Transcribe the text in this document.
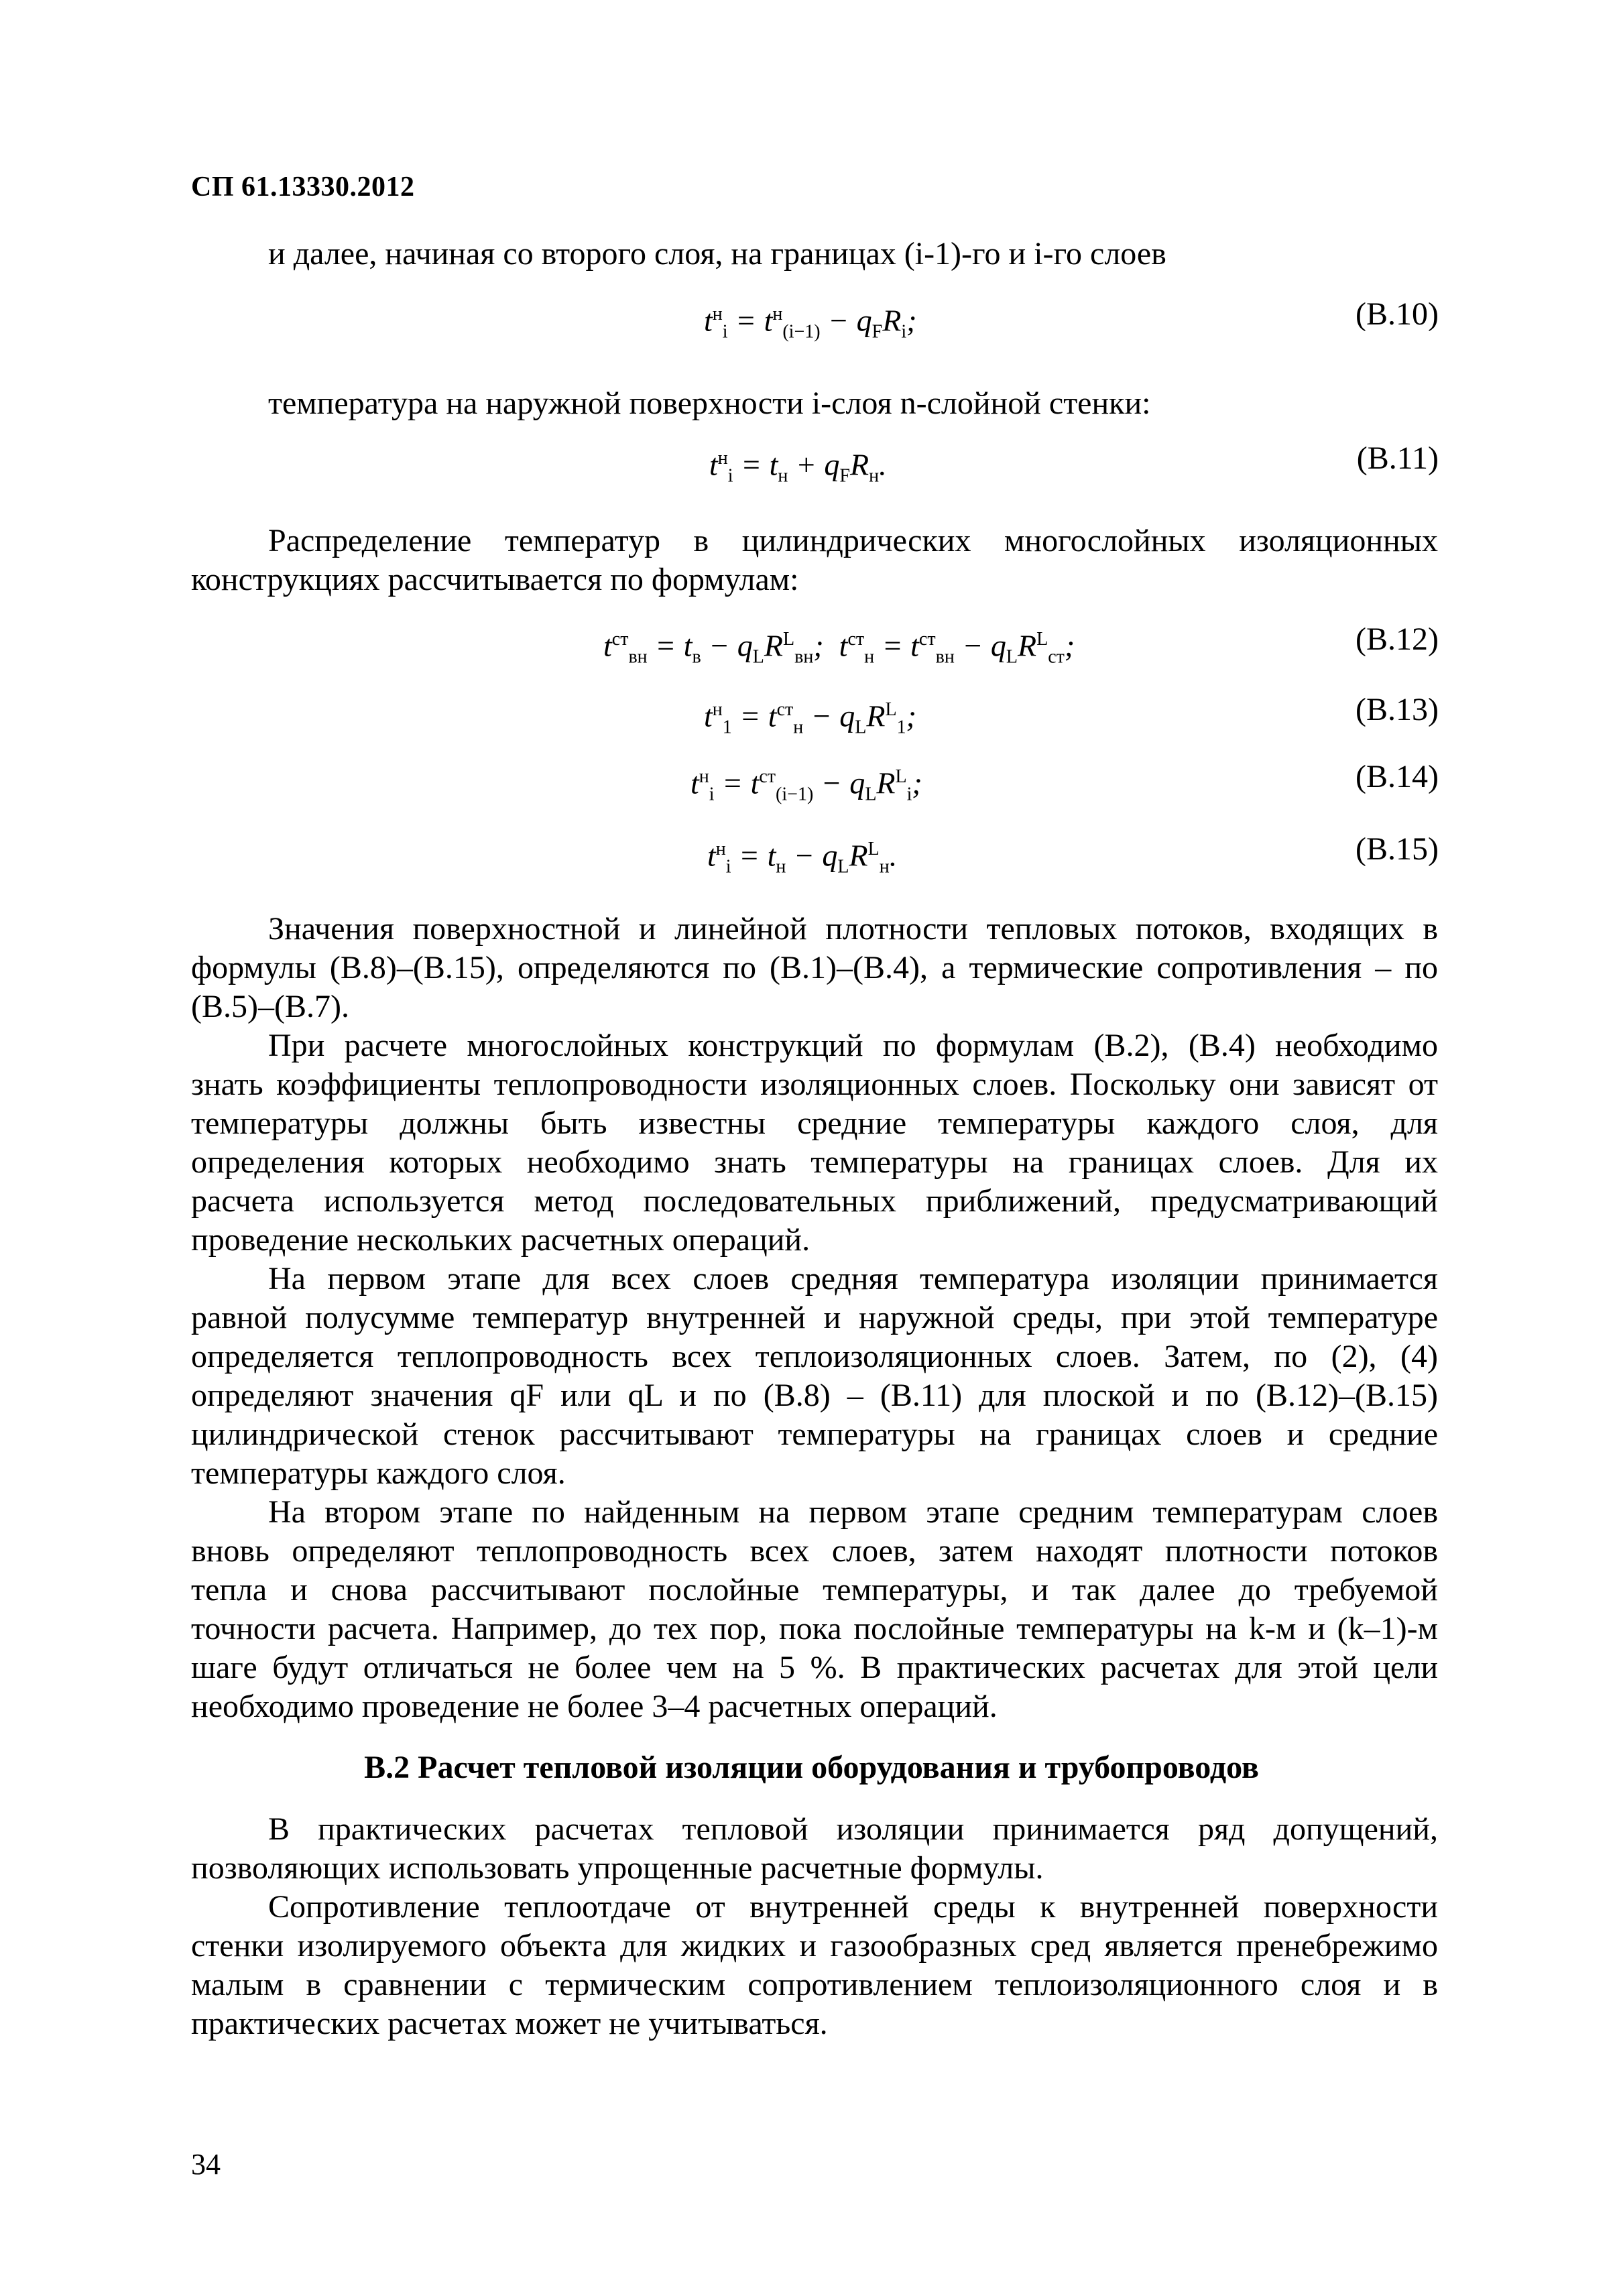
СП 61.13330.2012
и далее, начиная со второго слоя, на границах (i-1)-го и i-го слоев
$t^н_i = t^н_{(i-1)} - q_FR_i$;	(В.10)
температура на наружной поверхности i-слоя n-слойной стенки:
$t^н_i = t_н + q_FR_н$.	(В.11)
Распределение температур в цилиндрических многослойных изоляционных
конструкциях рассчитывается по формулам:
$t^{ст}_{вн} = t_в - q_LR^L_{вн}$;  $t^{ст}_н = t^{ст}_{вн} - q_LR^L_{ст}$;	(В.12)
$t^н_1 = t^{ст}_н - q_LR^L_1$;	(В.13)
$t^н_i = t^{ст}_{(i-1)} - q_LR^L_i$;	(В.14)
$t^н_i = t_н - q_LR^L_н$.	(В.15)
Значения поверхностной и линейной плотности тепловых потоков, входящих в
формулы (В.8)–(В.15), определяются по (В.1)–(В.4), а термические сопротивления – по
(В.5)–(В.7).
При расчете многослойных конструкций по формулам (В.2), (В.4) необходимо
знать коэффициенты теплопроводности изоляционных слоев. Поскольку они зависят от
температуры должны быть известны средние температуры каждого слоя, для
определения которых необходимо знать температуры на границах слоев. Для их
расчета используется метод последовательных приближений, предусматривающий
проведение нескольких расчетных операций.
На первом этапе для всех слоев средняя температура изоляции принимается
равной полусумме температур внутренней и наружной среды, при этой температуре
определяется теплопроводность всех теплоизоляционных слоев. Затем, по (2), (4)
определяют значения qF или qL и по (В.8) – (В.11) для плоской и по (В.12)–(В.15)
цилиндрической стенок рассчитывают температуры на границах слоев и средние
температуры каждого слоя.
На втором этапе по найденным на первом этапе средним температурам слоев
вновь определяют теплопроводность всех слоев, затем находят плотности потоков
тепла и снова рассчитывают послойные температуры, и так далее до требуемой
точности расчета. Например, до тех пор, пока послойные температуры на k-м и (k–1)-м
шаге будут отличаться не более чем на 5 %. В практических расчетах для этой цели
необходимо проведение не более 3–4 расчетных операций.
В.2 Расчет тепловой изоляции оборудования и трубопроводов
В практических расчетах тепловой изоляции принимается ряд допущений,
позволяющих использовать упрощенные расчетные формулы.
Сопротивление теплоотдаче от внутренней среды к внутренней поверхности
стенки изолируемого объекта для жидких и газообразных сред является пренебрежимо
малым в сравнении с термическим сопротивлением теплоизоляционного слоя и в
практических расчетах может не учитываться.
34
